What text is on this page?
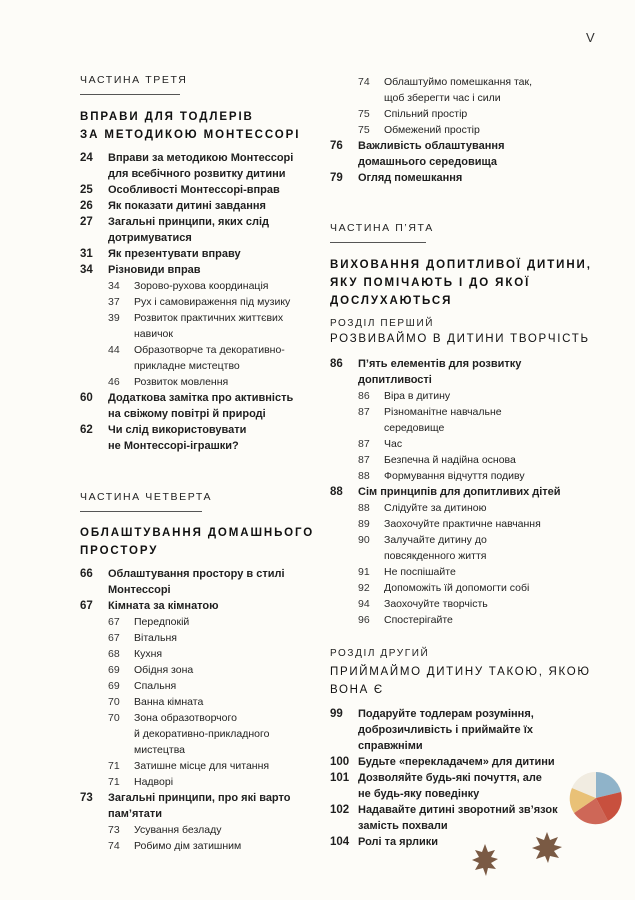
V
ЧАСТИНА ТРЕТЯ
ВПРАВИ ДЛЯ ТОДЛЕРІВ
ЗА МЕТОДИКОЮ МОНТЕССОРІ
24 Вправи за методикою Монтессорі
для всебічного розвитку дитини
25 Особливості Монтессорі-вправ
26 Як показати дитині завдання
27 Загальні принципи, яких слід
дотримуватися
31 Як презентувати вправу
34 Різновиди вправ
34 Зорово-рухова координація
37 Рух і самовираження під музику
39 Розвиток практичних життєвих
навичок
44 Образотворче та декоративно-
прикладне мистецтво
46 Розвиток мовлення
60 Додаткова замітка про активність
на свіжому повітрі й природі
62 Чи слід використовувати
не Монтессорі-іграшки?
ЧАСТИНА ЧЕТВЕРТА
ОБЛАШТУВАННЯ ДОМАШНЬОГО
ПРОСТОРУ
66 Облаштування простору в стилі
Монтессорі
67 Кімната за кімнатою
67 Передпокій
67 Вітальня
68 Кухня
69 Обідня зона
69 Спальня
70 Ванна кімната
70 Зона образотворчого
й декоративно-прикладного
мистецтва
71 Затишне місце для читання
71 Надворі
73 Загальні принципи, про які варто
пам’ятати
73 Усування безладу
74 Робимо дім затишним
74 Облаштуймо помешкання так,
щоб зберегти час і сили
75 Спільний простір
75 Обмежений простір
76 Важливість облаштування
домашнього середовища
79 Огляд помешкання
ЧАСТИНА П’ЯТА
ВИХОВАННЯ ДОПИТЛИВОЇ ДИТИНИ,
ЯКУ ПОМІЧАЮТЬ І ДО ЯКОЇ
ДОСЛУХАЮТЬСЯ
РОЗДІЛ ПЕРШИЙ
РОЗВИВАЙМО В ДИТИНИ ТВОРЧІСТЬ
86 П’ять елементів для розвитку
допитливості
86 Віра в дитину
87 Різноманітне навчальне
середовище
87 Час
87 Безпечна й надійна основа
88 Формування відчуття подиву
88 Сім принципів для допитливих дітей
88 Слідуйте за дитиною
89 Заохочуйте практичне навчання
90 Залучайте дитину до
повсякденного життя
91 Не поспішайте
92 Допоможіть їй допомогти собі
94 Заохочуйте творчість
96 Спостерігайте
РОЗДІЛ ДРУГИЙ
ПРИЙМАЙМО ДИТИНУ ТАКОЮ, ЯКОЮ
ВОНА Є
99 Подаруйте тодлерам розуміння,
доброзичливість і приймайте їх
справжніми
100 Будьте «перекладачем» для дитини
101 Дозволяйте будь-які почуття, але
не будь-яку поведінку
102 Надавайте дитині зворотний зв’язок
замість похвали
104 Ролі та ярлики
